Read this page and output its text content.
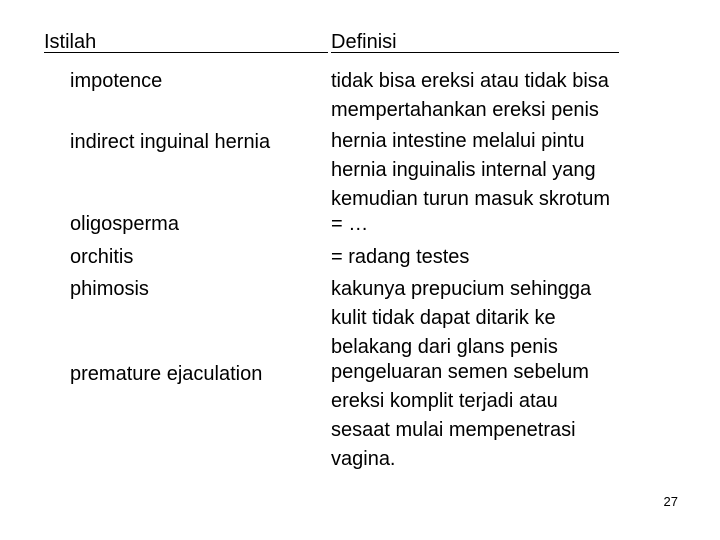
Istilah	Definisi
impotence	tidak bisa ereksi atau tidak bisa
mempertahankan ereksi penis
indirect inguinal hernia	hernia intestine melalui pintu
hernia inguinalis internal yang
kemudian turun masuk skrotum
oligosperma	= …
orchitis	= radang testes
phimosis	kakunya prepucium sehingga
kulit tidak dapat ditarik ke
belakang dari glans penis
premature ejaculation	pengeluaran semen sebelum
ereksi komplit terjadi atau
sesaat mulai mempenetrasi
vagina.
27
